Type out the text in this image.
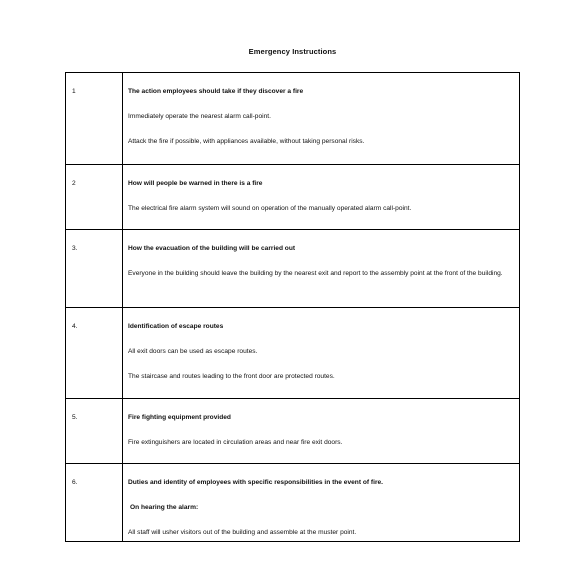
Emergency Instructions
1	The action employees should take if they discover a fire
Immediately operate the nearest alarm call-point.
Attack the fire if possible, with appliances available, without taking personal risks.

2	How will people be warned in there is a fire
The electrical fire alarm system will sound on operation of the manually operated alarm call-point.

3.	How the evacuation of the building will be carried out
Everyone in the building should leave the building by the nearest exit and report to the assembly point at the front of the building.

4.	Identification of escape routes
All exit doors can be used as escape routes.
The staircase and routes leading to the front door are protected routes.

5.	Fire fighting equipment provided
Fire extinguishers are located in circulation areas and near fire exit doors.

6.	Duties and identity of employees with specific responsibilities in the event of fire.
On hearing the alarm:
All staff will usher visitors out of the building and assemble at the muster point.
